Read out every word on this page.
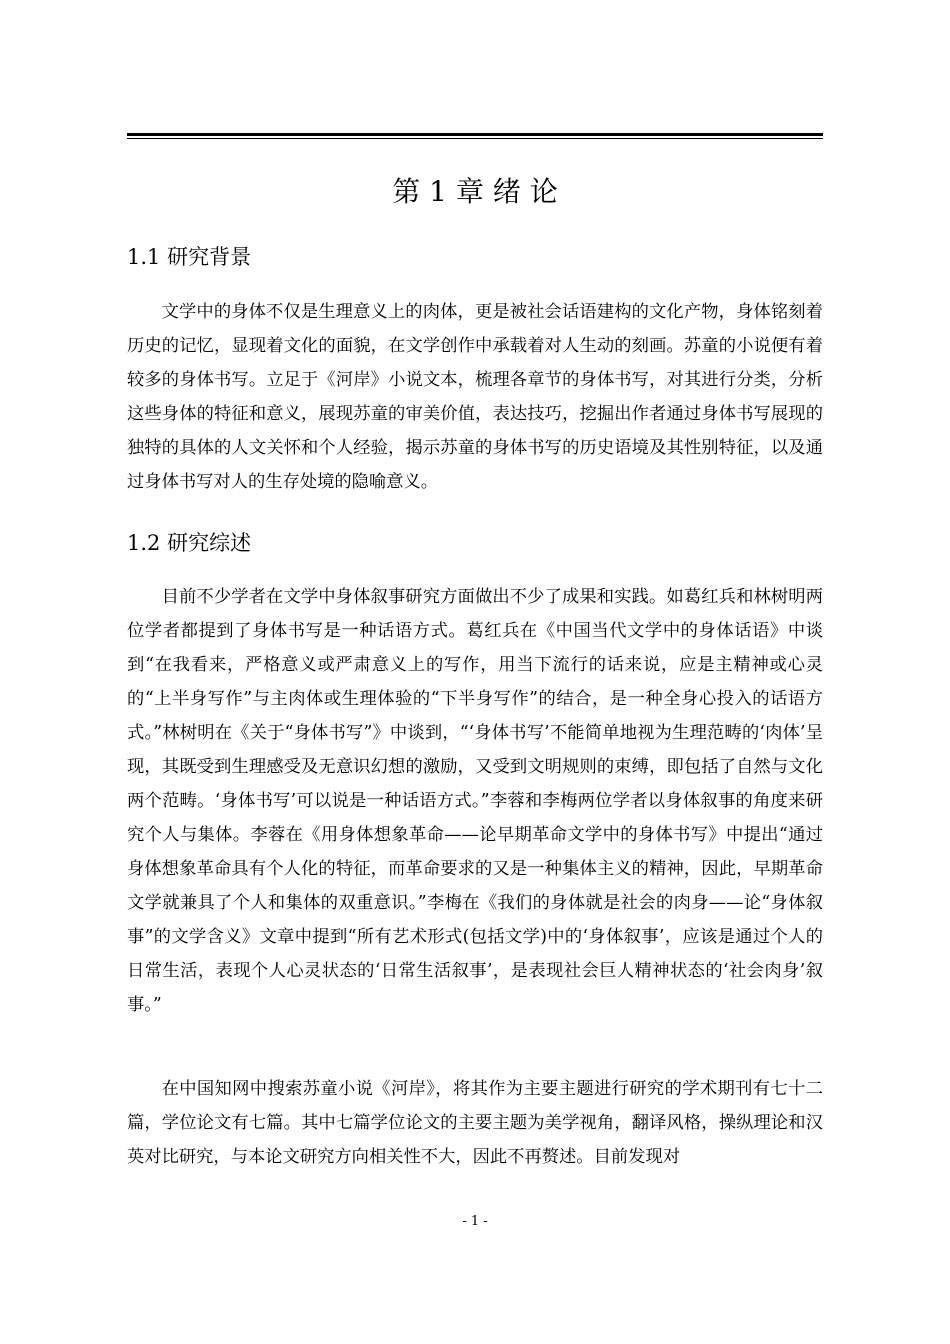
第 1 章 绪 论
1.1 研究背景

文学中的身体不仅是生理意义上的肉体，更是被社会话语建构的文化产物，身体铭刻着历史的记忆，显现着文化的面貌，在文学创作中承载着对人生动的刻画。苏童的小说便有着较多的身体书写。立足于《河岸》小说文本，梳理各章节的身体书写，对其进行分类，分析这些身体的特征和意义，展现苏童的审美价值，表达技巧，挖掘出作者通过身体书写展现的独特的具体的人文关怀和个人经验，揭示苏童的身体书写的历史语境及其性别特征，以及通过身体书写对人的生存处境的隐喻意义。

1.2 研究综述

目前不少学者在文学中身体叙事研究方面做出不少了成果和实践。如葛红兵和林树明两位学者都提到了身体书写是一种话语方式。葛红兵在《中国当代文学中的身体话语》中谈到“在我看来，严格意义或严肃意义上的写作，用当下流行的话来说，应是主精神或心灵的“上半身写作”与主肉体或生理体验的“下半身写作”的结合，是一种全身心投入的话语方式。”林树明在《关于“身体书写”》中谈到，“‘身体书写’不能简单地视为生理范畴的‘肉体’呈现，其既受到生理感受及无意识幻想的激励，又受到文明规则的束缚，即包括了自然与文化两个范畴。‘身体书写’可以说是一种话语方式。”李蓉和李梅两位学者以身体叙事的角度来研究个人与集体。李蓉在《用身体想象革命——论早期革命文学中的身体书写》中提出“通过身体想象革命具有个人化的特征，而革命要求的又是一种集体主义的精神，因此，早期革命文学就兼具了个人和集体的双重意识。”李梅在《我们的身体就是社会的肉身——论“身体叙事”的文学含义》文章中提到“所有艺术形式(包括文学)中的‘身体叙事’，应该是通过个人的日常生活，表现个人心灵状态的‘日常生活叙事’，是表现社会巨人精神状态的‘社会肉身’叙事。”

在中国知网中搜索苏童小说《河岸》，将其作为主要主题进行研究的学术期刊有七十二篇，学位论文有七篇。其中七篇学位论文的主要主题为美学视角，翻译风格，操纵理论和汉英对比研究，与本论文研究方向相关性不大，因此不再赘述。目前发现对

- 1 -
